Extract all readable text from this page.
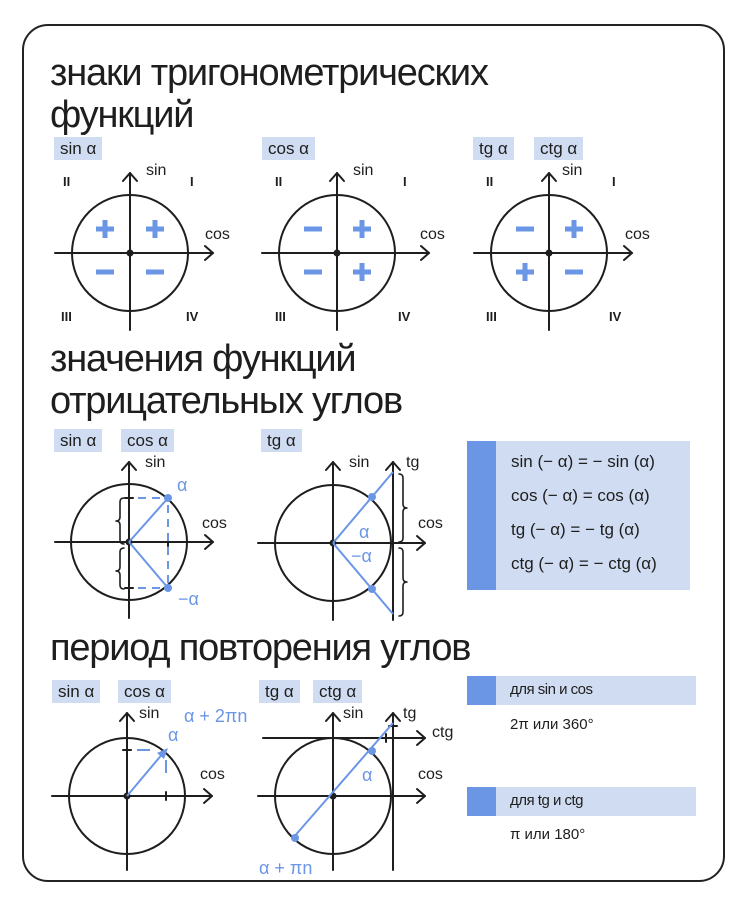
знаки тригонометрических
функций
sin α	cos α	tg α	ctg α
sin
cos
II	I
III	IV
sin
cos
II	I
III	IV
sin
cos
II	I
III	IV
значения функций
отрицательных углов
sin α	cos α	tg α
sin
cos
α
−α
sin tg
cos
α
−α
sin (− α) = − sin (α)
cos (− α) = cos (α)
tg (− α) = − tg (α)
ctg (− α) = − ctg (α)
период повторения углов
sin α	cos α	tg α	ctg α
sin
cos
α + 2πn
α
sin tg
ctg
cos
α
α + πn
для sin и cos
2π или 360°
для tg и ctg
π или 180°
